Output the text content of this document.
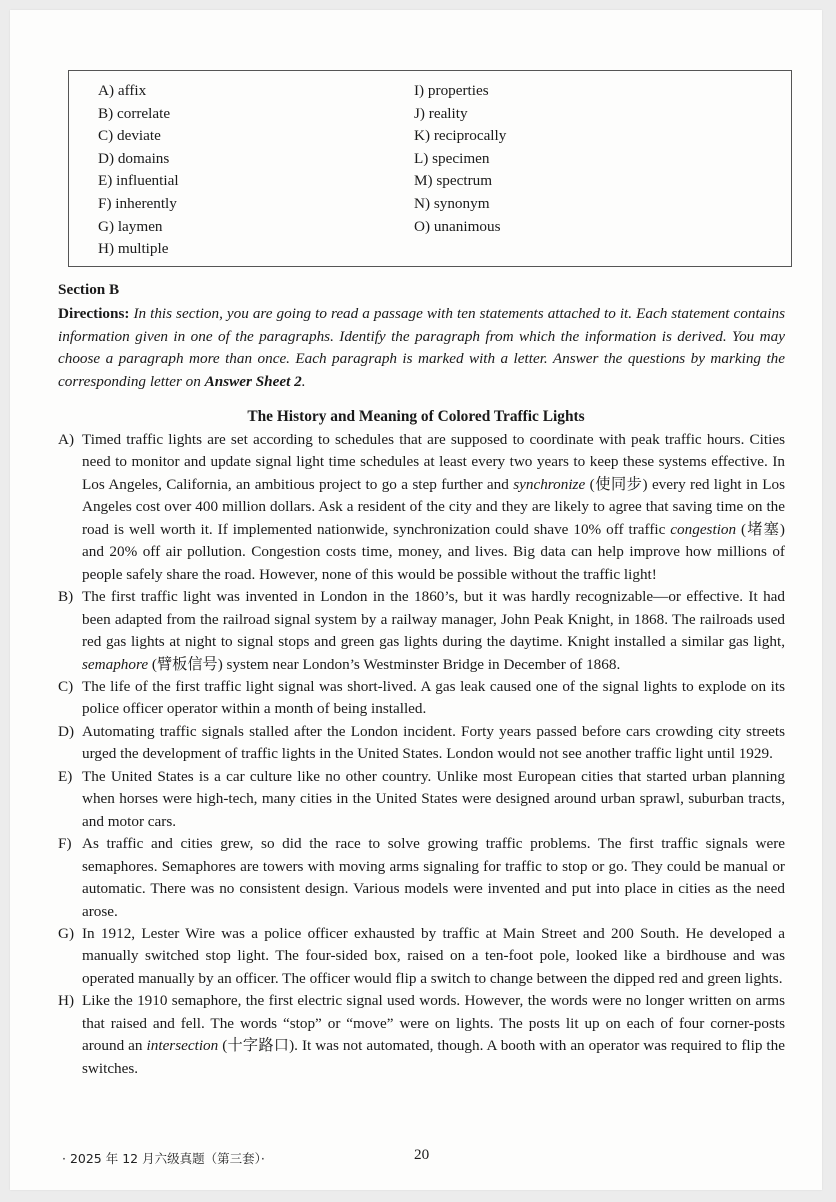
A) affix
B) correlate
C) deviate
D) domains
E) influential
F) inherently
G) laymen
H) multiple
I) properties
J) reality
K) reciprocally
L) specimen
M) spectrum
N) synonym
O) unanimous
Section B
Directions: In this section, you are going to read a passage with ten statements attached to it. Each statement contains information given in one of the paragraphs. Identify the paragraph from which the information is derived. You may choose a paragraph more than once. Each paragraph is marked with a letter. Answer the questions by marking the corresponding letter on Answer Sheet 2.
The History and Meaning of Colored Traffic Lights
A) Timed traffic lights are set according to schedules that are supposed to coordinate with peak traffic hours. Cities need to monitor and update signal light time schedules at least every two years to keep these systems effective. In Los Angeles, California, an ambitious project to go a step further and synchronize (使同步) every red light in Los Angeles cost over 400 million dollars. Ask a resident of the city and they are likely to agree that saving time on the road is well worth it. If implemented nationwide, synchronization could shave 10% off traffic congestion (堵塞) and 20% off air pollution. Congestion costs time, money, and lives. Big data can help improve how millions of people safely share the road. However, none of this would be possible without the traffic light!
B) The first traffic light was invented in London in the 1860’s, but it was hardly recognizable—or effective. It had been adapted from the railroad signal system by a railway manager, John Peak Knight, in 1868. The railroads used red gas lights at night to signal stops and green gas lights during the daytime. Knight installed a similar gas light, semaphore (臂板信号) system near London’s Westminster Bridge in December of 1868.
C) The life of the first traffic light signal was short-lived. A gas leak caused one of the signal lights to explode on its police officer operator within a month of being installed.
D) Automating traffic signals stalled after the London incident. Forty years passed before cars crowding city streets urged the development of traffic lights in the United States. London would not see another traffic light until 1929.
E) The United States is a car culture like no other country. Unlike most European cities that started urban planning when horses were high-tech, many cities in the United States were designed around urban sprawl, suburban tracts, and motor cars.
F) As traffic and cities grew, so did the race to solve growing traffic problems. The first traffic signals were semaphores. Semaphores are towers with moving arms signaling for traffic to stop or go. They could be manual or automatic. There was no consistent design. Various models were invented and put into place in cities as the need arose.
G) In 1912, Lester Wire was a police officer exhausted by traffic at Main Street and 200 South. He developed a manually switched stop light. The four-sided box, raised on a ten-foot pole, looked like a birdhouse and was operated manually by an officer. The officer would flip a switch to change between the dipped red and green lights.
H) Like the 1910 semaphore, the first electric signal used words. However, the words were no longer written on arms that raised and fell. The words “stop” or “move” were on lights. The posts lit up on each of four corner-posts around an intersection (十字路口). It was not automated, though. A booth with an operator was required to flip the switches.
· 2025 年 12 月六级真题（第三套）·	20
